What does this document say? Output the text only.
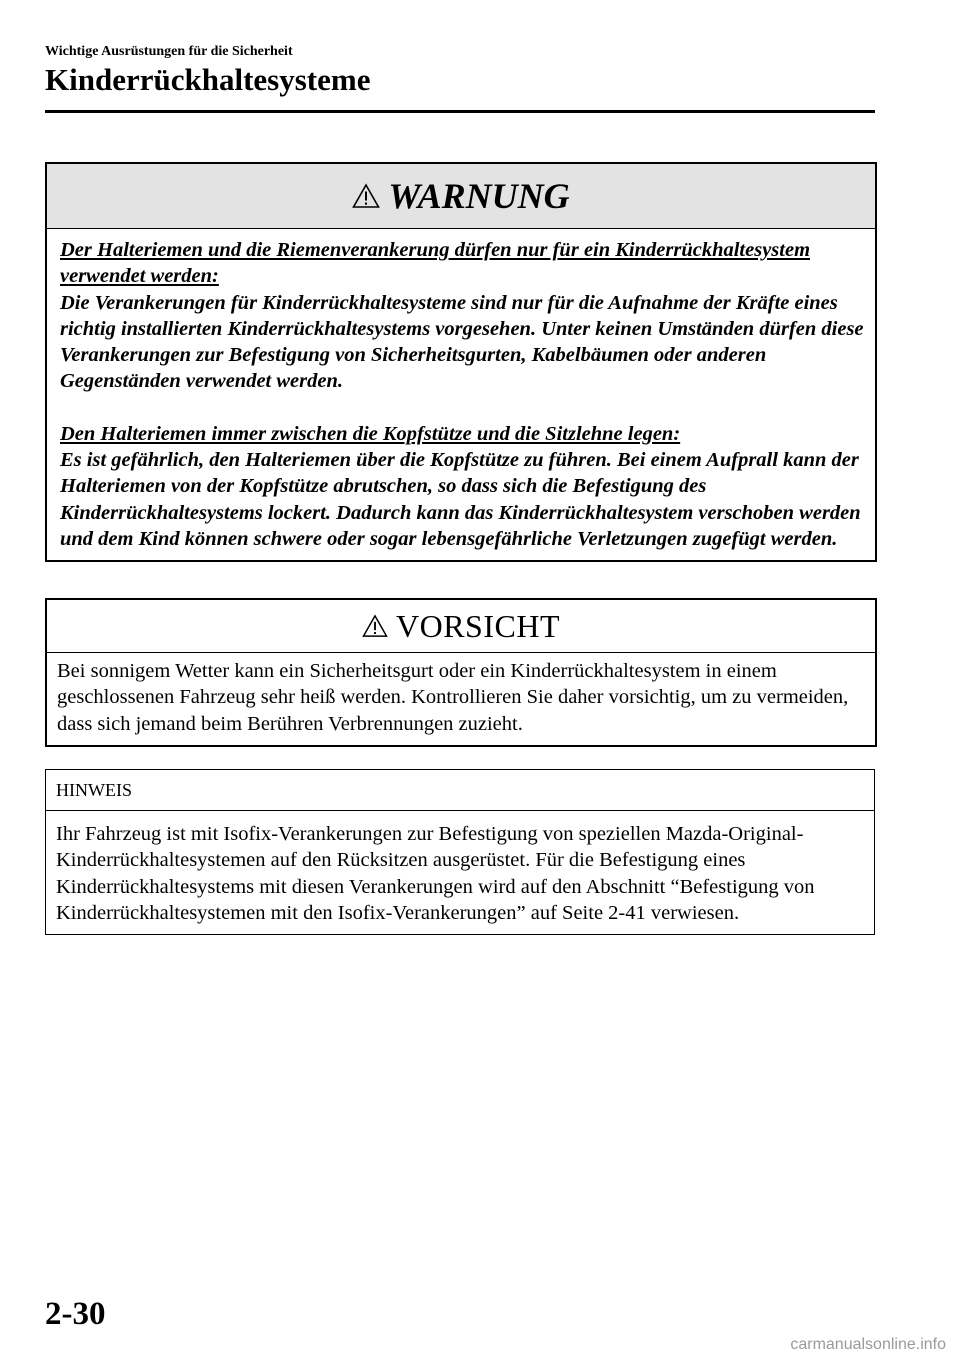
Wichtige Ausrüstungen für die Sicherheit
Kinderrückhaltesysteme
WARNUNG
Der Halteriemen und die Riemenverankerung dürfen nur für ein Kinderrückhaltesystem verwendet werden:
Die Verankerungen für Kinderrückhaltesysteme sind nur für die Aufnahme der Kräfte eines richtig installierten Kinderrückhaltesystems vorgesehen. Unter keinen Umständen dürfen diese Verankerungen zur Befestigung von Sicherheitsgurten, Kabelbäumen oder anderen Gegenständen verwendet werden.
Den Halteriemen immer zwischen die Kopfstütze und die Sitzlehne legen:
Es ist gefährlich, den Halteriemen über die Kopfstütze zu führen. Bei einem Aufprall kann der Halteriemen von der Kopfstütze abrutschen, so dass sich die Befestigung des Kinderrückhaltesystems lockert. Dadurch kann das Kinderrückhaltesystem verschoben werden und dem Kind können schwere oder sogar lebensgefährliche Verletzungen zugefügt werden.
VORSICHT
Bei sonnigem Wetter kann ein Sicherheitsgurt oder ein Kinderrückhaltesystem in einem geschlossenen Fahrzeug sehr heiß werden. Kontrollieren Sie daher vorsichtig, um zu vermeiden, dass sich jemand beim Berühren Verbrennungen zuzieht.
HINWEIS
Ihr Fahrzeug ist mit Isofix-Verankerungen zur Befestigung von speziellen Mazda-Original-Kinderrückhaltesystemen auf den Rücksitzen ausgerüstet. Für die Befestigung eines Kinderrückhaltesystems mit diesen Verankerungen wird auf den Abschnitt “Befestigung von Kinderrückhaltesystemen mit den Isofix-Verankerungen” auf Seite 2-41 verwiesen.
2-30
carmanualsonline.info
